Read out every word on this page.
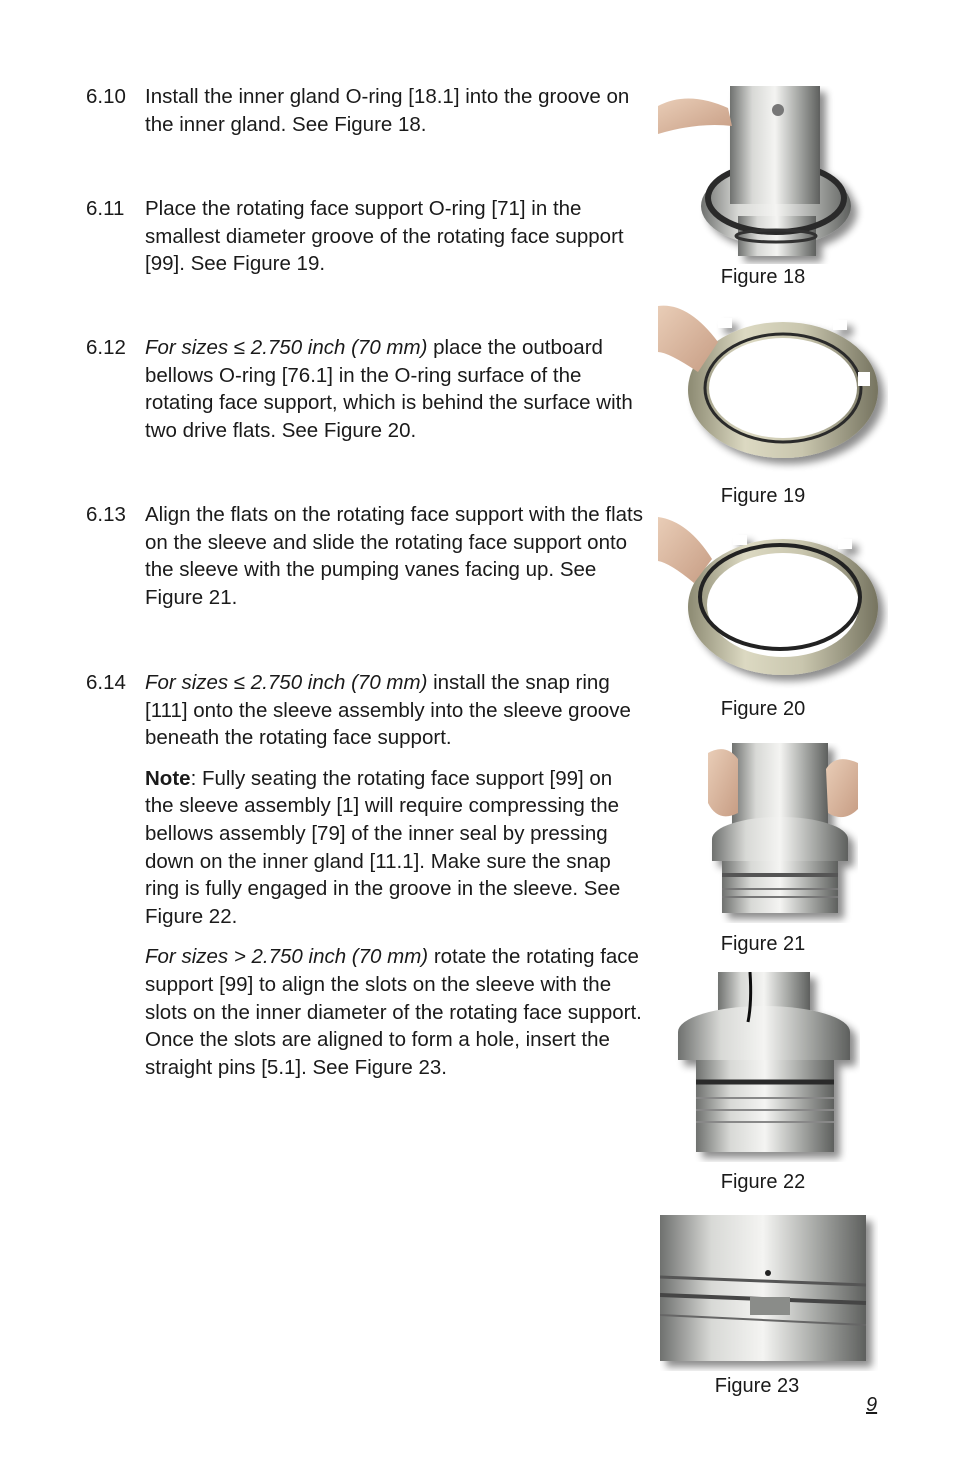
6.10 Install the inner gland O-ring [18.1] into the groove on the inner gland. See Figure 18.

6.11 Place the rotating face support O-ring [71] in the smallest diameter groove of the rotating face support [99]. See Figure 19.

6.12 For sizes ≤ 2.750 inch (70 mm) place the outboard bellows O-ring [76.1] in the O-ring surface of the rotating face support, which is behind the surface with two drive flats. See Figure 20.

6.13 Align the flats on the rotating face support with the flats on the sleeve and slide the rotating face support onto the sleeve with the pumping vanes facing up. See Figure 21.

6.14 For sizes ≤ 2.750 inch (70 mm) install the snap ring [111] onto the sleeve assembly into the sleeve groove beneath the rotating face support.

Note: Fully seating the rotating face support [99] on the sleeve assembly [1] will require compressing the bellows assembly [79] of the inner seal by pressing down on the inner gland [11.1]. Make sure the snap ring is fully engaged in the groove in the sleeve. See Figure 22.

For sizes > 2.750 inch (70 mm) rotate the rotating face support [99] to align the slots on the sleeve with the slots on the inner diameter of the rotating face support. Once the slots are aligned to form a hole, insert the straight pins [5.1]. See Figure 23.

Figure 18
Figure 19
Figure 20
Figure 21
Figure 22
Figure 23
9
